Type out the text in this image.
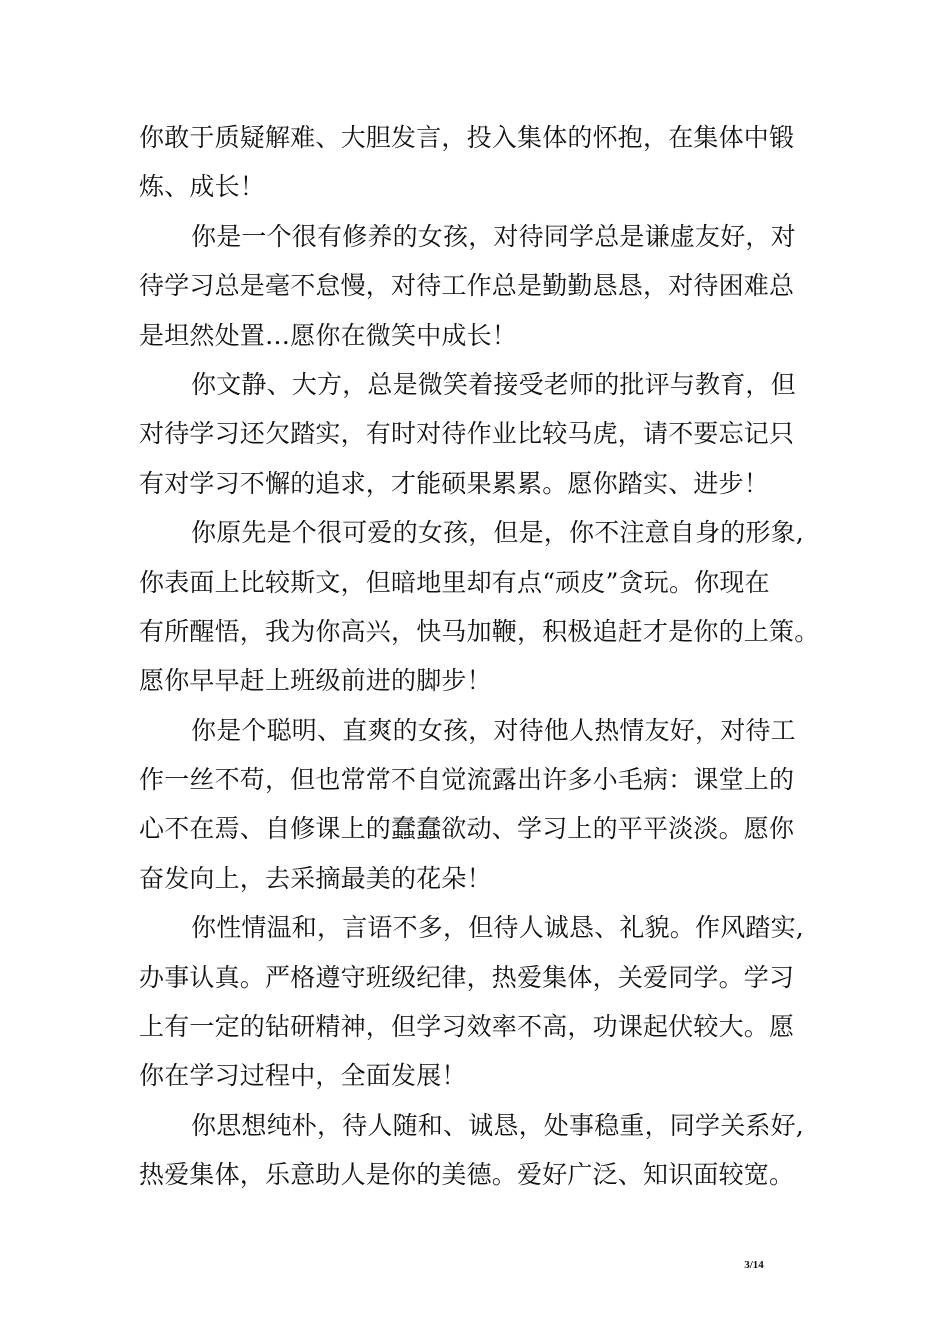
你敢于质疑解难、大胆发言，投入集体的怀抱，在集体中锻
炼、成长！
你是一个很有修养的女孩，对待同学总是谦虚友好，对
待学习总是毫不怠慢，对待工作总是勤勤恳恳，对待困难总
是坦然处置…愿你在微笑中成长！
你文静、大方，总是微笑着接受老师的批评与教育，但
对待学习还欠踏实，有时对待作业比较马虎，请不要忘记只
有对学习不懈的追求，才能硕果累累。愿你踏实、进步！
你原先是个很可爱的女孩，但是，你不注意自身的形象,
你表面上比较斯文，但暗地里却有点“顽皮”贪玩。你现在
有所醒悟，我为你高兴，快马加鞭，积极追赶才是你的上策。
愿你早早赶上班级前进的脚步！
你是个聪明、直爽的女孩，对待他人热情友好，对待工
作一丝不苟，但也常常不自觉流露出许多小毛病：课堂上的
心不在焉、自修课上的蠢蠢欲动、学习上的平平淡淡。愿你
奋发向上，去采摘最美的花朵！
你性情温和，言语不多，但待人诚恳、礼貌。作风踏实,
办事认真。严格遵守班级纪律，热爱集体，关爱同学。学习
上有一定的钻研精神，但学习效率不高，功课起伏较大。愿
你在学习过程中，全面发展！
你思想纯朴，待人随和、诚恳，处事稳重，同学关系好,
热爱集体，乐意助人是你的美德。爱好广泛、知识面较宽。
3/14
